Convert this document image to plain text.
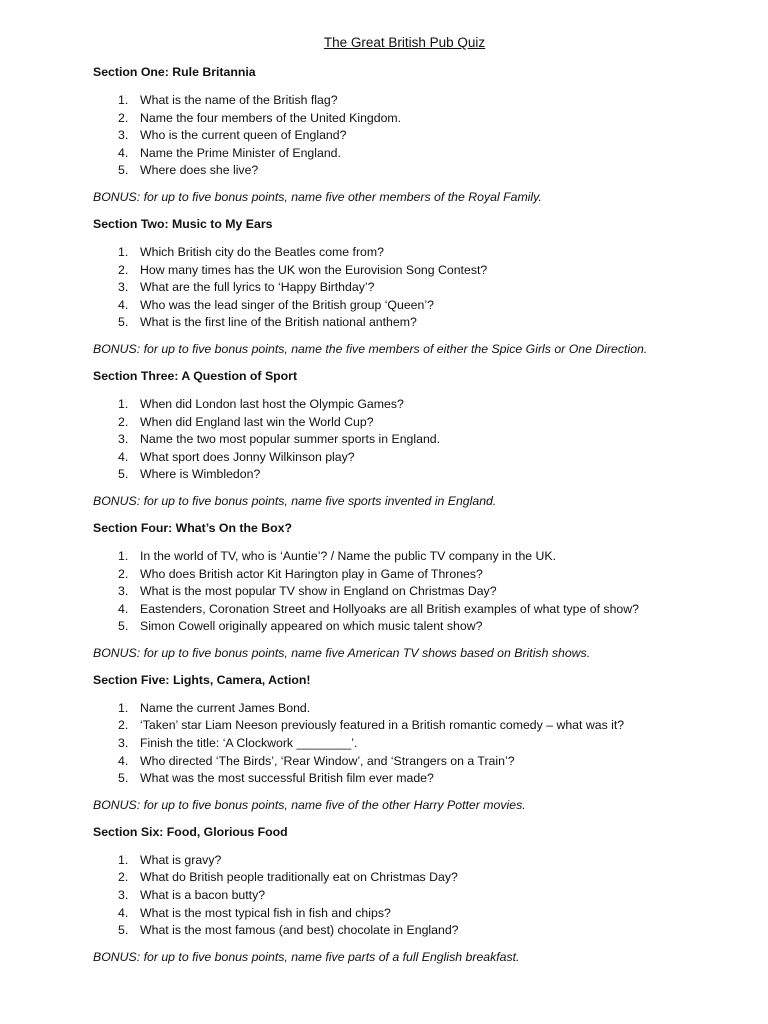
The Great British Pub Quiz
Section One: Rule Britannia
1. What is the name of the British flag?
2. Name the four members of the United Kingdom.
3. Who is the current queen of England?
4. Name the Prime Minister of England.
5. Where does she live?
BONUS: for up to five bonus points, name five other members of the Royal Family.
Section Two: Music to My Ears
1. Which British city do the Beatles come from?
2. How many times has the UK won the Eurovision Song Contest?
3. What are the full lyrics to ‘Happy Birthday’?
4. Who was the lead singer of the British group ‘Queen’?
5. What is the first line of the British national anthem?
BONUS: for up to five bonus points, name the five members of either the Spice Girls or One Direction.
Section Three: A Question of Sport
1. When did London last host the Olympic Games?
2. When did England last win the World Cup?
3. Name the two most popular summer sports in England.
4. What sport does Jonny Wilkinson play?
5. Where is Wimbledon?
BONUS: for up to five bonus points, name five sports invented in England.
Section Four: What’s On the Box?
1. In the world of TV, who is ‘Auntie’? / Name the public TV company in the UK.
2. Who does British actor Kit Harington play in Game of Thrones?
3. What is the most popular TV show in England on Christmas Day?
4. Eastenders, Coronation Street and Hollyoaks are all British examples of what type of show?
5. Simon Cowell originally appeared on which music talent show?
BONUS: for up to five bonus points, name five American TV shows based on British shows.
Section Five: Lights, Camera, Action!
1. Name the current James Bond.
2. ‘Taken’ star Liam Neeson previously featured in a British romantic comedy – what was it?
3. Finish the title: ‘A Clockwork ________’.
4. Who directed ‘The Birds’, ‘Rear Window’, and ‘Strangers on a Train’?
5. What was the most successful British film ever made?
BONUS: for up to five bonus points, name five of the other Harry Potter movies.
Section Six: Food, Glorious Food
1. What is gravy?
2. What do British people traditionally eat on Christmas Day?
3. What is a bacon butty?
4. What is the most typical fish in fish and chips?
5. What is the most famous (and best) chocolate in England?
BONUS: for up to five bonus points, name five parts of a full English breakfast.
